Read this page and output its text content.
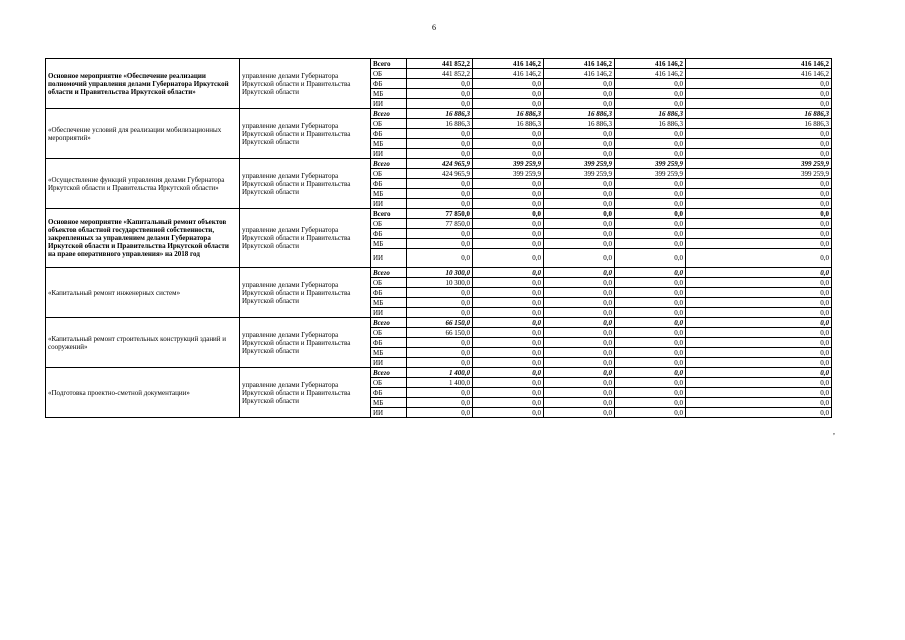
6
Основное мероприятие «Обеспечение реализации полномочий управления делами Губернатора Иркутской области и Правительства Иркутской области»	управление делами Губернатора Иркутской области и Правительства Иркутской области	Всего	441 852,2	416 146,2	416 146,2	416 146,2	416 146,2
		ОБ	441 852,2	416 146,2	416 146,2	416 146,2	416 146,2
		ФБ	0,0	0,0	0,0	0,0	0,0
		МБ	0,0	0,0	0,0	0,0	0,0
		ИИ	0,0	0,0	0,0	0,0	0,0
«Обеспечение условий для реализации мобилизационных мероприятий»	управление делами Губернатора Иркутской области и Правительства Иркутской области	Всего	16 886,3	16 886,3	16 886,3	16 886,3	16 886,3
		ОБ	16 886,3	16 886,3	16 886,3	16 886,3	16 886,3
		ФБ	0,0	0,0	0,0	0,0	0,0
		МБ	0,0	0,0	0,0	0,0	0,0
		ИИ	0,0	0,0	0,0	0,0	0,0
«Осуществление функций управления делами Губернатора Иркутской области и Правительства Иркутской области»	управление делами Губернатора Иркутской области и Правительства Иркутской области	Всего	424 965,9	399 259,9	399 259,9	399 259,9	399 259,9
		ОБ	424 965,9	399 259,9	399 259,9	399 259,9	399 259,9
		ФБ	0,0	0,0	0,0	0,0	0,0
		МБ	0,0	0,0	0,0	0,0	0,0
		ИИ	0,0	0,0	0,0	0,0	0,0
Основное мероприятие «Капитальный ремонт объектов объектов областной государственной собственности, закрепленных за управлением делами Губернатора Иркутской области и Правительства Иркутской области на праве оперативного управления» на 2018 год	управление делами Губернатора Иркутской области и Правительства Иркутской области	Всего	77 850,0	0,0	0,0	0,0	0,0
		ОБ	77 850,0	0,0	0,0	0,0	0,0
		ФБ	0,0	0,0	0,0	0,0	0,0
		МБ	0,0	0,0	0,0	0,0	0,0
		ИИ	0,0	0,0	0,0	0,0	0,0
«Капитальный ремонт инженерных систем»	управление делами Губернатора Иркутской области и Правительства Иркутской области	Всего	10 300,0	0,0	0,0	0,0	0,0
		ОБ	10 300,0	0,0	0,0	0,0	0,0
		ФБ	0,0	0,0	0,0	0,0	0,0
		МБ	0,0	0,0	0,0	0,0	0,0
		ИИ	0,0	0,0	0,0	0,0	0,0
«Капитальный ремонт строительных конструкций зданий и сооружений»	управление делами Губернатора Иркутской области и Правительства Иркутской области	Всего	66 150,0	0,0	0,0	0,0	0,0
		ОБ	66 150,0	0,0	0,0	0,0	0,0
		ФБ	0,0	0,0	0,0	0,0	0,0
		МБ	0,0	0,0	0,0	0,0	0,0
		ИИ	0,0	0,0	0,0	0,0	0,0
«Подготовка проектно-сметной документации»	управление делами Губернатора Иркутской области и Правительства Иркутской области	Всего	1 400,0	0,0	0,0	0,0	0,0
		ОБ	1 400,0	0,0	0,0	0,0	0,0
		ФБ	0,0	0,0	0,0	0,0	0,0
		МБ	0,0	0,0	0,0	0,0	0,0
		ИИ	0,0	0,0	0,0	0,0	0,0
,
